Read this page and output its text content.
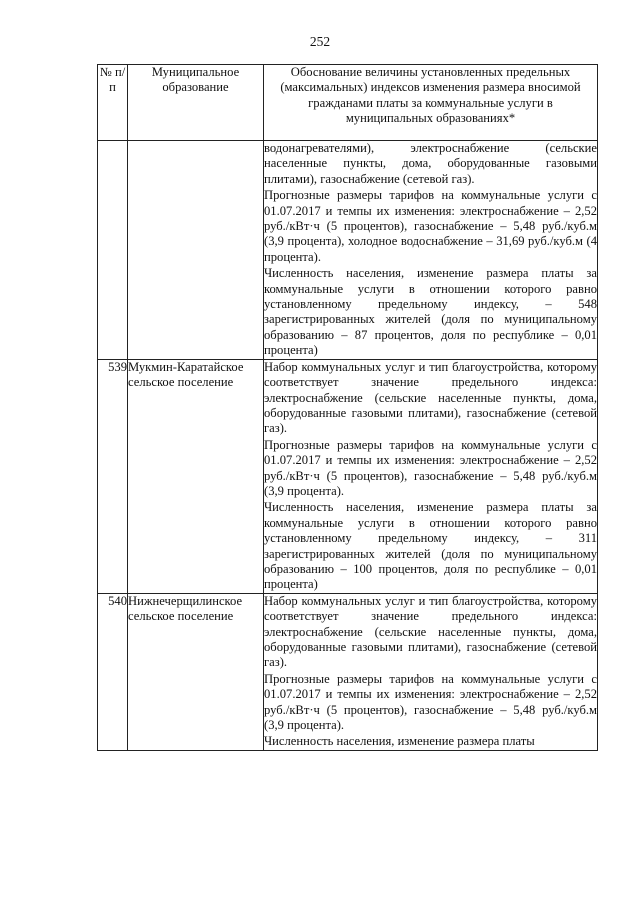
252
№ п/п	Муниципальное образование	Обоснование величины установленных предельных (максимальных) индексов изменения размера вносимой гражданами платы за коммунальные услуги в муниципальных образованиях*

		водонагревателями), электроснабжение (сельские населенные пункты, дома, оборудованные газовыми плитами), газоснабжение (сетевой газ).

Прогнозные размеры тарифов на коммунальные услуги с 01.07.2017 и темпы их изменения: электроснабжение – 2,52 руб./кВт·ч (5 процентов), газоснабжение – 5,48 руб./куб.м (3,9 процента), холодное водоснабжение – 31,69 руб./куб.м (4 процента).

Численность населения, изменение размера платы за коммунальные услуги в отношении которого равно установленному предельному индексу, – 548 зарегистрированных жителей (доля по муниципальному образованию – 87 процентов, доля по республике – 0,01 процента)

539	Мукмин-Каратайское сельское поселение	Набор коммунальных услуг и тип благоустройства, которому соответствует значение предельного индекса: электроснабжение (сельские населенные пункты, дома, оборудованные газовыми плитами), газоснабжение (сетевой газ).

Прогнозные размеры тарифов на коммунальные услуги с 01.07.2017 и темпы их изменения: электроснабжение – 2,52 руб./кВт·ч (5 процентов), газоснабжение – 5,48 руб./куб.м (3,9 процента).

Численность населения, изменение размера платы за коммунальные услуги в отношении которого равно установленному предельному индексу, – 311 зарегистрированных жителей (доля по муниципальному образованию – 100 процентов, доля по республике – 0,01 процента)

540	Нижнечерщилинское сельское поселение	Набор коммунальных услуг и тип благоустройства, которому соответствует значение предельного индекса: электроснабжение (сельские населенные пункты, дома, оборудованные газовыми плитами), газоснабжение (сетевой газ).

Прогнозные размеры тарифов на коммунальные услуги с 01.07.2017 и темпы их изменения: электроснабжение – 2,52 руб./кВт·ч (5 процентов), газоснабжение – 5,48 руб./куб.м (3,9 процента).

Численность населения, изменение размера платы
